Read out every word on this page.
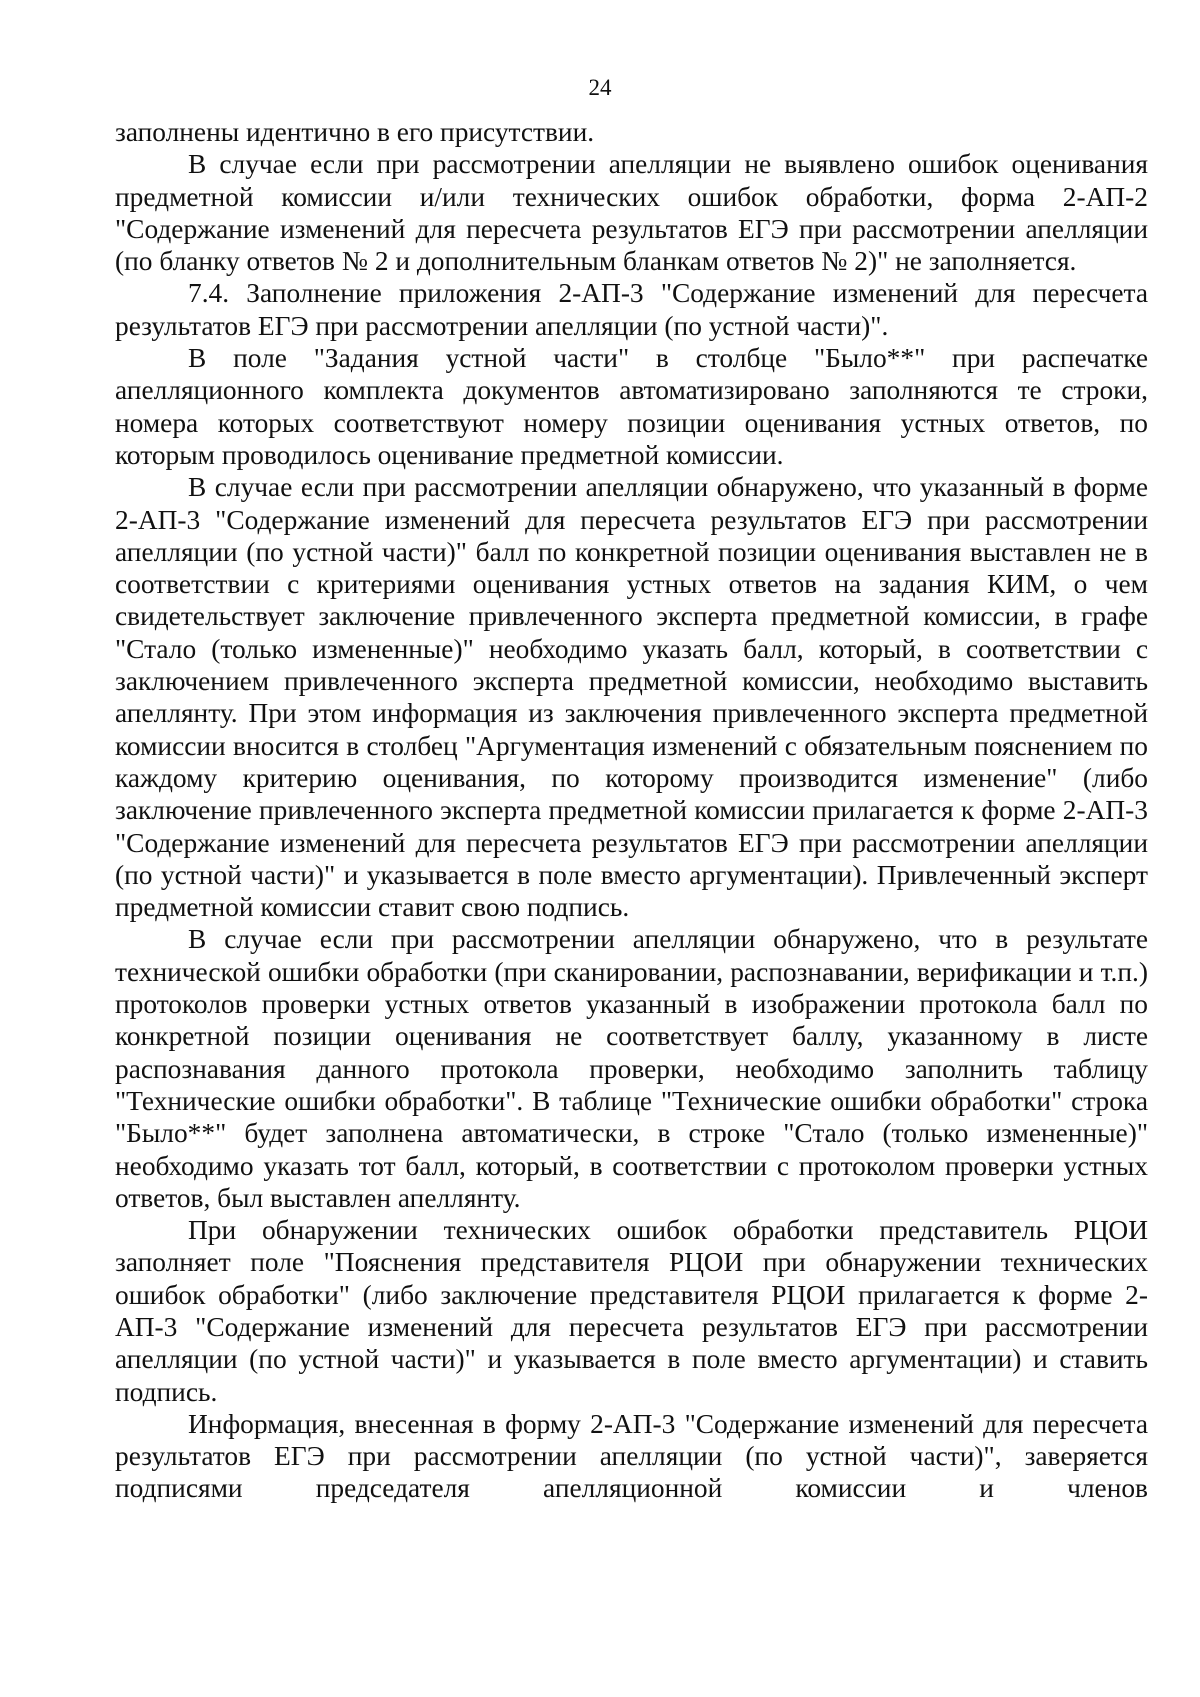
24

заполнены идентично в его присутствии.

В случае если при рассмотрении апелляции не выявлено ошибок оценивания предметной комиссии и/или технических ошибок обработки, форма 2-АП-2 "Содержание изменений для пересчета результатов ЕГЭ при рассмотрении апелляции (по бланку ответов № 2 и дополнительным бланкам ответов № 2)" не заполняется.

7.4. Заполнение приложения 2-АП-3 "Содержание изменений для пересчета результатов ЕГЭ при рассмотрении апелляции (по устной части)".

В поле "Задания устной части" в столбце "Было**" при распечатке апелляционного комплекта документов автоматизировано заполняются те строки, номера которых соответствуют номеру позиции оценивания устных ответов, по которым проводилось оценивание предметной комиссии.

В случае если при рассмотрении апелляции обнаружено, что указанный в форме 2-АП-3 "Содержание изменений для пересчета результатов ЕГЭ при рассмотрении апелляции (по устной части)" балл по конкретной позиции оценивания выставлен не в соответствии с критериями оценивания устных ответов на задания КИМ, о чем свидетельствует заключение привлеченного эксперта предметной комиссии, в графе "Стало (только измененные)" необходимо указать балл, который, в соответствии с заключением привлеченного эксперта предметной комиссии, необходимо выставить апеллянту. При этом информация из заключения привлеченного эксперта предметной комиссии вносится в столбец "Аргументация изменений с обязательным пояснением по каждому критерию оценивания, по которому производится изменение" (либо заключение привлеченного эксперта предметной комиссии прилагается к форме 2-АП-3 "Содержание изменений для пересчета результатов ЕГЭ при рассмотрении апелляции (по устной части)" и указывается в поле вместо аргументации). Привлеченный эксперт предметной комиссии ставит свою подпись.

В случае если при рассмотрении апелляции обнаружено, что в результате технической ошибки обработки (при сканировании, распознавании, верификации и т.п.) протоколов проверки устных ответов указанный в изображении протокола балл по конкретной позиции оценивания не соответствует баллу, указанному в листе распознавания данного протокола проверки, необходимо заполнить таблицу "Технические ошибки обработки". В таблице "Технические ошибки обработки" строка "Было**" будет заполнена автоматически, в строке "Стало (только измененные)" необходимо указать тот балл, который, в соответствии с протоколом проверки устных ответов, был выставлен апеллянту.

При обнаружении технических ошибок обработки представитель РЦОИ заполняет поле "Пояснения представителя РЦОИ при обнаружении технических ошибок обработки" (либо заключение представителя РЦОИ прилагается к форме 2-АП-3 "Содержание изменений для пересчета результатов ЕГЭ при рассмотрении апелляции (по устной части)" и указывается в поле вместо аргументации) и ставить подпись.

Информация, внесенная в форму 2-АП-3 "Содержание изменений для пересчета результатов ЕГЭ при рассмотрении апелляции (по устной части)", заверяется подписями председателя апелляционной комиссии и членов
